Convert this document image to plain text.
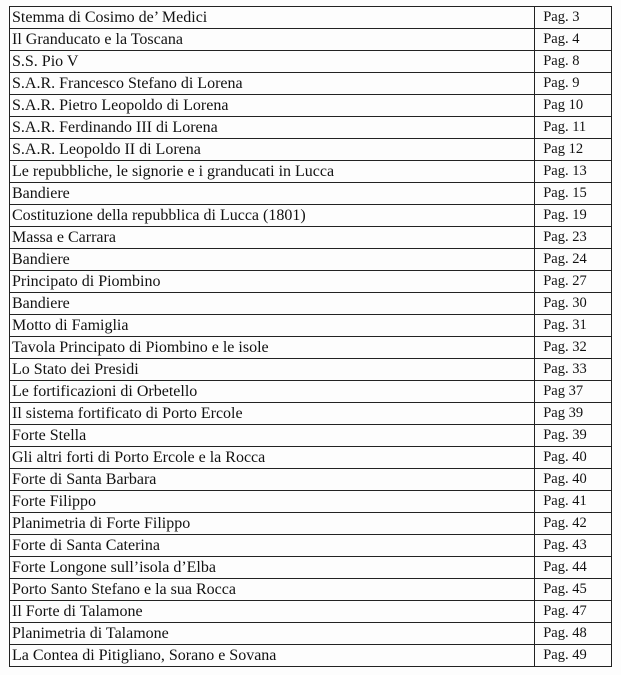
Stemma di Cosimo de’ Medici	Pag. 3
Il Granducato e la Toscana	Pag. 4
S.S. Pio V	Pag. 8
S.A.R. Francesco Stefano di Lorena	Pag. 9
S.A.R. Pietro Leopoldo di Lorena	Pag 10
S.A.R. Ferdinando III di Lorena	Pag. 11
S.A.R. Leopoldo II di Lorena	Pag 12
Le repubbliche, le signorie e i granducati in Lucca	Pag. 13
Bandiere	Pag. 15
Costituzione della repubblica di Lucca (1801)	Pag. 19
Massa e Carrara	Pag. 23
Bandiere	Pag. 24
Principato di Piombino	Pag. 27
Bandiere	Pag. 30
Motto di Famiglia	Pag. 31
Tavola Principato di Piombino e le isole	Pag. 32
Lo Stato dei Presidi	Pag. 33
Le fortificazioni di Orbetello	Pag 37
Il sistema fortificato di Porto Ercole	Pag 39
Forte Stella	Pag. 39
Gli altri forti di Porto Ercole e la Rocca	Pag. 40
Forte di Santa Barbara	Pag. 40
Forte Filippo	Pag. 41
Planimetria di Forte Filippo	Pag. 42
Forte di Santa Caterina	Pag. 43
Forte Longone sull’isola d’Elba	Pag. 44
Porto Santo Stefano e la sua Rocca	Pag. 45
Il Forte di Talamone	Pag. 47
Planimetria di Talamone	Pag. 48
La Contea di Pitigliano, Sorano e Sovana	Pag. 49
